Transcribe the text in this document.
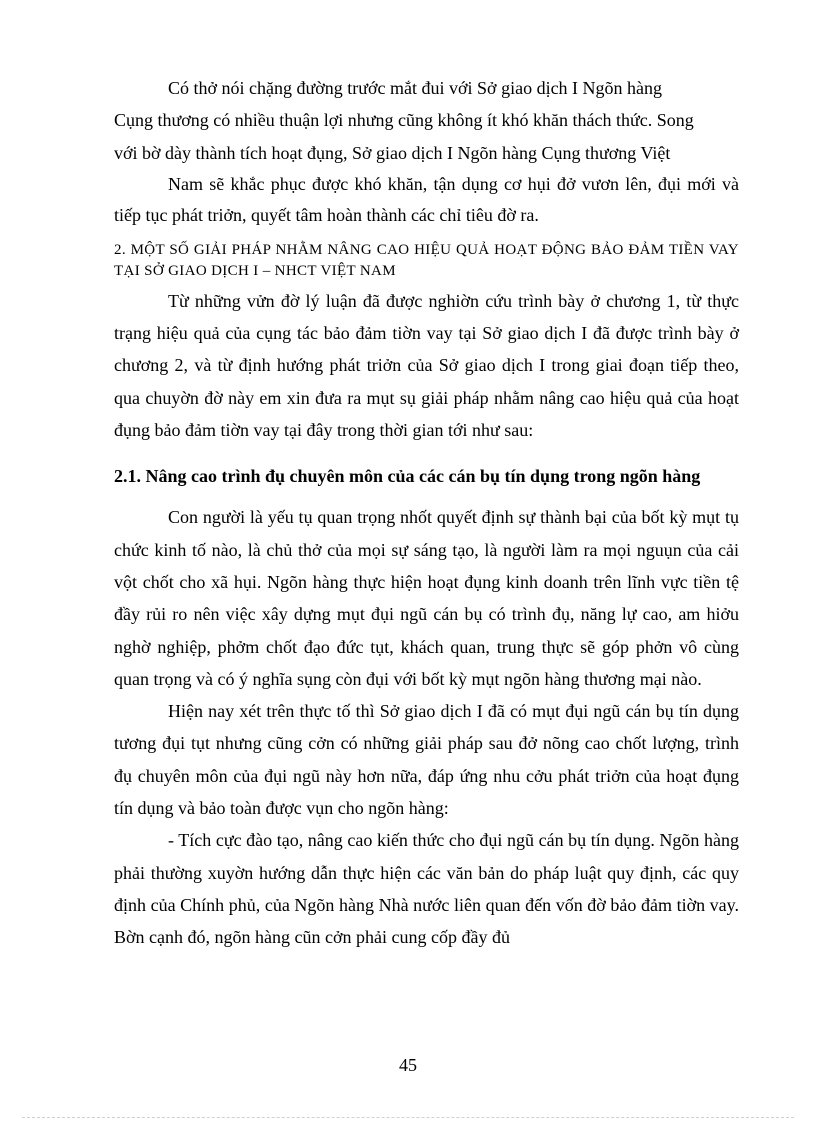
Có thở nói chặng đường trước mắt đui với Sở giao dịch I Ngõn hàng

Cụng thương có nhiều thuận lợi nhưng cũng không ít khó khăn thách thức. Song

với bờ dày thành tích hoạt đụng, Sở giao dịch I Ngõn hàng Cụng thương Việt

Nam sẽ khắc phục được khó khăn, tận dụng cơ hụi đở vươn lên, đụi mới và tiếp tục phát triởn, quyết tâm hoàn thành các chỉ tiêu đờ ra.

2. MỘT SỐ GIẢI PHÁP NHẰM NÂNG CAO HIỆU QUẢ HOẠT ĐỘNG BẢO ĐẢM TIỀN VAY TẠI SỞ GIAO DỊCH I – NHCT VIỆT NAM

Từ những vửn đờ lý luận đã được nghiờn cứu trình bày ở chương 1, từ thực trạng hiệu quả của cụng tác bảo đảm tiờn vay tại Sở giao dịch I đã được trình bày ở chương 2, và từ định hướng phát triởn của Sở giao dịch I trong giai đoạn tiếp theo, qua chuyờn đờ này em xin đưa ra mụt sụ giải pháp nhằm nâng cao hiệu quả của hoạt đụng bảo đảm tiờn vay tại đây trong thời gian tới như sau:

2.1. Nâng cao trình đụ chuyên môn của các cán bụ tín dụng trong ngõn hàng

Con người là yếu tụ quan trọng nhốt quyết định sự thành bại của bốt kỳ mụt tụ chức kinh tố nào, là chủ thở của mọi sự sáng tạo, là người làm ra mọi nguụn của cải vột chốt cho xã hụi. Ngõn hàng thực hiện hoạt đụng kinh doanh trên lĩnh vực tiền tệ đầy rủi ro nên việc xây dựng mụt đụi ngũ cán bụ có trình đụ, năng lự cao, am hiởu nghờ nghiệp, phởm chốt đạo đức tụt, khách quan, trung thực sẽ góp phởn vô cùng quan trọng và có ý nghĩa sụng còn đụi với bốt kỳ mụt ngõn hàng thương mại nào.

Hiện nay xét trên thực tố thì Sở giao dịch I đã có mụt đụi ngũ cán bụ tín dụng tương đụi tụt nhưng cũng cởn có những giải pháp sau đở nõng cao chốt lượng, trình đụ chuyên môn của đụi ngũ này hơn nữa, đáp ứng nhu cởu phát triởn của hoạt đụng tín dụng và bảo toàn được vụn cho ngõn hàng:

- Tích cực đào tạo, nâng cao kiến thức cho đụi ngũ cán bụ tín dụng. Ngõn hàng phải thường xuyờn hướng dẫn thực hiện các văn bản do pháp luật quy định, các quy định của Chính phủ, của Ngõn hàng Nhà nước liên quan đến vốn đờ bảo đảm tiờn vay. Bờn cạnh đó, ngõn hàng cũn cởn phải cung cốp đầy đủ

45
